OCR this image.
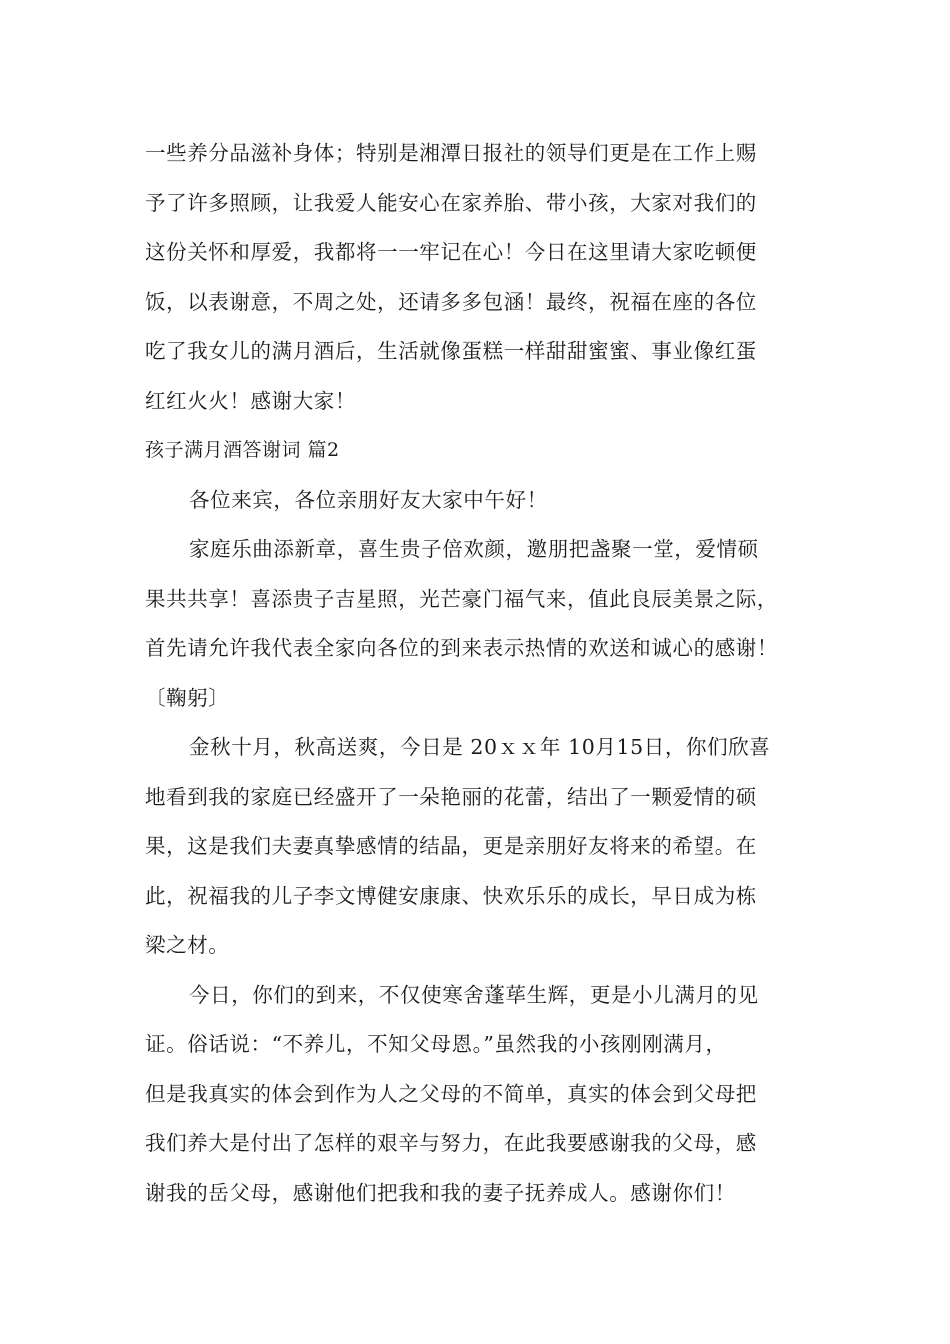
一些养分品滋补身体；特别是湘潭日报社的领导们更是在工作上赐
予了许多照顾，让我爱人能安心在家养胎、带小孩，大家对我们的
这份关怀和厚爱，我都将一一牢记在心！今日在这里请大家吃顿便
饭，以表谢意，不周之处，还请多多包涵！最终，祝福在座的各位
吃了我女儿的满月酒后，生活就像蛋糕一样甜甜蜜蜜、事业像红蛋
红红火火！感谢大家！
孩子满月酒答谢词 篇2
各位来宾，各位亲朋好友大家中午好！
家庭乐曲添新章，喜生贵子倍欢颜，邀朋把盏聚一堂，爱情硕
果共共享！喜添贵子吉星照，光芒豪门福气来，值此良辰美景之际，
首先请允许我代表全家向各位的到来表示热情的欢送和诚心的感谢！
〔鞠躬〕
金秋十月，秋高送爽，今日是 20ｘｘ年 10月15日，你们欣喜
地看到我的家庭已经盛开了一朵艳丽的花蕾，结出了一颗爱情的硕
果，这是我们夫妻真挚感情的结晶，更是亲朋好友将来的希望。在
此，祝福我的儿子李文博健安康康、快欢乐乐的成长，早日成为栋
梁之材。
今日，你们的到来，不仅使寒舍蓬荜生辉，更是小儿满月的见
证。俗话说：“不养儿，不知父母恩。”虽然我的小孩刚刚满月，
但是我真实的体会到作为人之父母的不简单，真实的体会到父母把
我们养大是付出了怎样的艰辛与努力，在此我要感谢我的父母，感
谢我的岳父母，感谢他们把我和我的妻子抚养成人。感谢你们！
